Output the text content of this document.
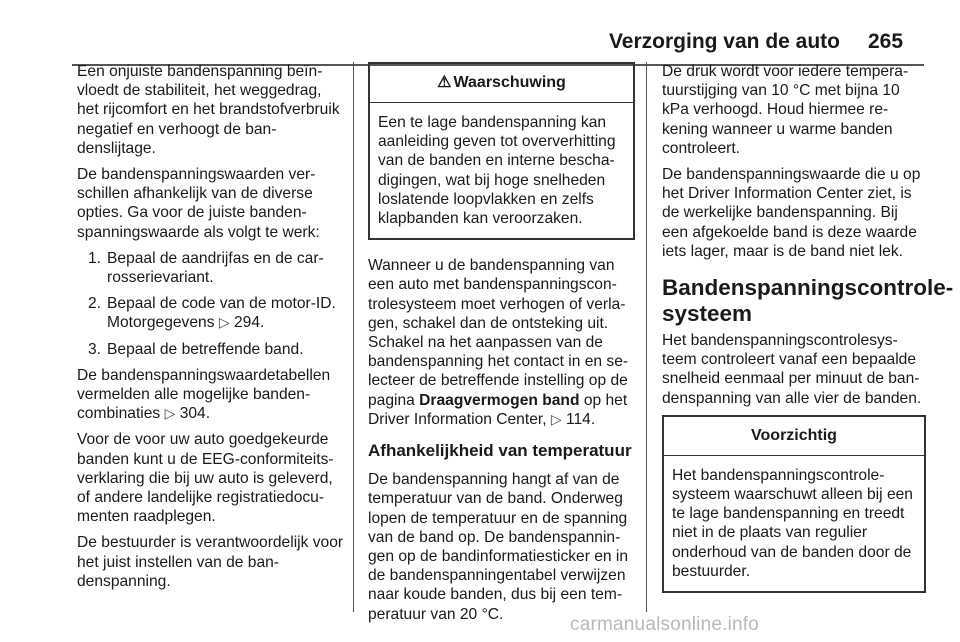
Verzorging van de auto 265

Een onjuiste bandenspanning beïnvloedt de stabiliteit, het weggedrag, het rijcomfort en het brandstofverbruik negatief en verhoogt de bandenslijtage.

De bandenspanningswaarden verschillen afhankelijk van de diverse opties. Ga voor de juiste bandenspanningswaarde als volgt te werk:

1. Bepaal de aandrijfas en de carrosserievariant.
2. Bepaal de code van de motor-ID. Motorgegevens ▷ 294.
3. Bepaal de betreffende band.

De bandenspanningswaardetabellen vermelden alle mogelijke bandencombinaties ▷ 304.

Voor de voor uw auto goedgekeurde banden kunt u de EEG-conformiteitsverklaring die bij uw auto is geleverd, of andere landelijke registratiedocumenten raadplegen.

De bestuurder is verantwoordelijk voor het juist instellen van de bandenspanning.

⚠ Waarschuwing
Een te lage bandenspanning kan aanleiding geven tot oververhitting van de banden en interne beschadigingen, wat bij hoge snelheden loslatende loopvlakken en zelfs klapbanden kan veroorzaken.

Wanneer u de bandenspanning van een auto met bandenspanningscontrolesysteem moet verhogen of verlagen, schakel dan de ontsteking uit. Schakel na het aanpassen van de bandenspanning het contact in en selecteer de betreffende instelling op de pagina Draagvermogen band op het Driver Information Center, ▷ 114.

Afhankelijkheid van temperatuur

De bandenspanning hangt af van de temperatuur van de band. Onderweg lopen de temperatuur en de spanning van de band op. De bandenspanningen op de bandinformatiesticker en in de bandenspanningentabel verwijzen naar koude banden, dus bij een temperatuur van 20 °C.

De druk wordt voor iedere temperatuurstijging van 10 °C met bijna 10 kPa verhoogd. Houd hiermee rekening wanneer u warme banden controleert.

De bandenspanningswaarde die u op het Driver Information Center ziet, is de werkelijke bandenspanning. Bij een afgekoelde band is deze waarde iets lager, maar is de band niet lek.

Bandenspanningscontrolesysteem

Het bandenspanningscontrolesysteem controleert vanaf een bepaalde snelheid eenmaal per minuut de bandenspanning van alle vier de banden.

Voorzichtig
Het bandenspanningscontrolesysteem waarschuwt alleen bij een te lage bandenspanning en treedt niet in de plaats van regulier onderhoud van de banden door de bestuurder.
carmanualsonline.info
